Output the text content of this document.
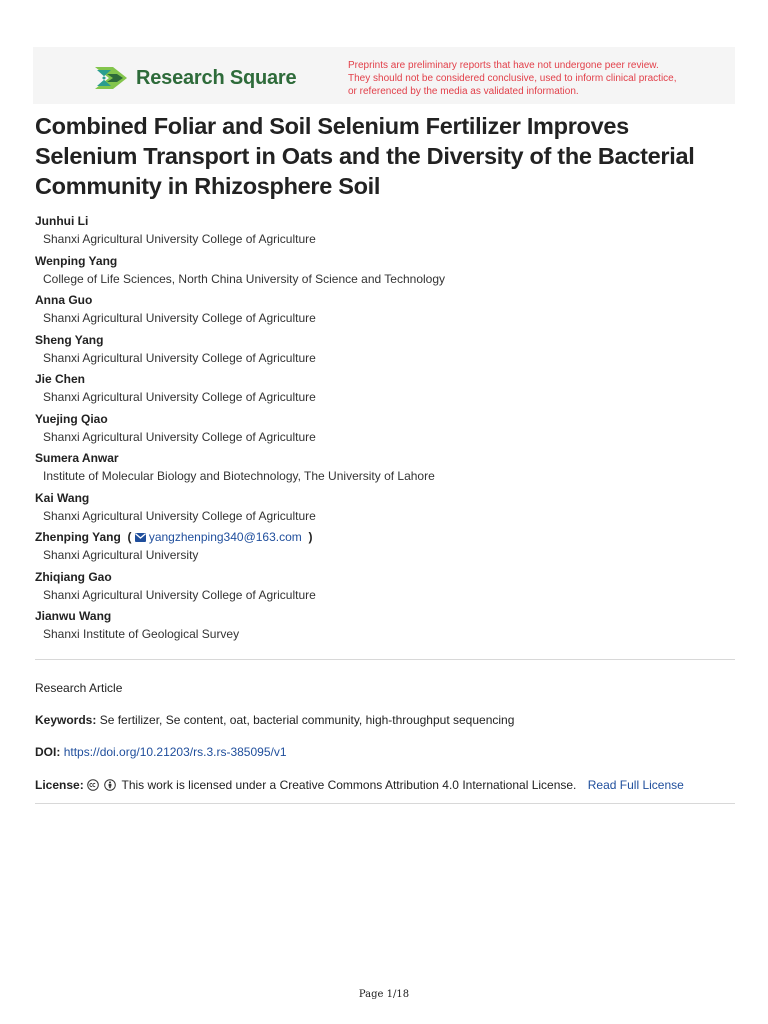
Research Square
Preprints are preliminary reports that have not undergone peer review.
They should not be considered conclusive, used to inform clinical practice,
or referenced by the media as validated information.
Combined Foliar and Soil Selenium Fertilizer Improves Selenium Transport in Oats and the Diversity of the Bacterial Community in Rhizosphere Soil
Junhui Li
Shanxi Agricultural University College of Agriculture
Wenping Yang
College of Life Sciences, North China University of Science and Technology
Anna Guo
Shanxi Agricultural University College of Agriculture
Sheng Yang
Shanxi Agricultural University College of Agriculture
Jie Chen
Shanxi Agricultural University College of Agriculture
Yuejing Qiao
Shanxi Agricultural University College of Agriculture
Sumera Anwar
Institute of Molecular Biology and Biotechnology, The University of Lahore
Kai Wang
Shanxi Agricultural University College of Agriculture
Zhenping Yang  ( yangzhenping340@163.com  )
Shanxi Agricultural University
Zhiqiang Gao
Shanxi Agricultural University College of Agriculture
Jianwu Wang
Shanxi Institute of Geological Survey
Research Article
Keywords: Se fertilizer, Se content, oat, bacterial community, high-throughput sequencing
DOI: https://doi.org/10.21203/rs.3.rs-385095/v1
License:	This work is licensed under a Creative Commons Attribution 4.0 International License. Read Full License
Page 1/18
